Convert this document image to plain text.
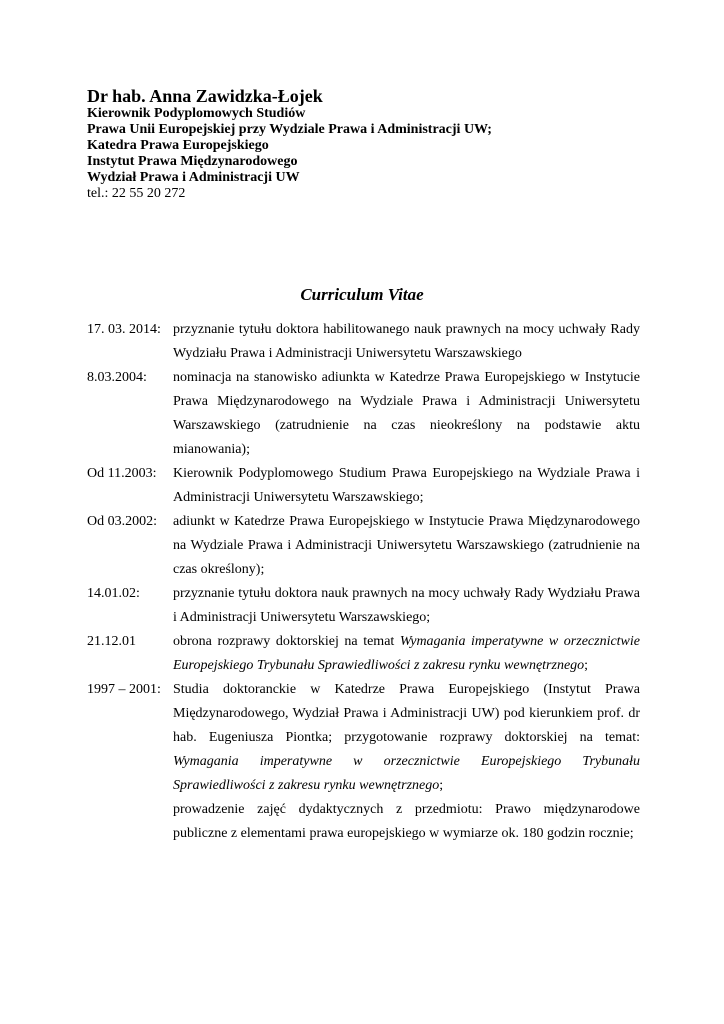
Dr hab. Anna Zawidzka-Łojek
Kierownik Podyplomowych Studiów
Prawa Unii Europejskiej przy Wydziale Prawa i Administracji UW;
Katedra Prawa Europejskiego
Instytut Prawa Międzynarodowego
Wydział Prawa i Administracji UW
tel.: 22 55 20 272
Curriculum Vitae
17. 03. 2014: przyznanie tytułu doktora habilitowanego nauk prawnych na mocy uchwały Rady Wydziału Prawa i Administracji Uniwersytetu Warszawskiego
8.03.2004:	nominacja na stanowisko adiunkta w Katedrze Prawa Europejskiego w Instytucie Prawa Międzynarodowego na Wydziale Prawa i Administracji Uniwersytetu Warszawskiego (zatrudnienie na czas nieokreślony na podstawie aktu mianowania);
Od 11.2003:	Kierownik Podyplomowego Studium Prawa Europejskiego na Wydziale Prawa i Administracji Uniwersytetu Warszawskiego;
Od 03.2002:	adiunkt w Katedrze Prawa Europejskiego w Instytucie Prawa Międzynarodowego na Wydziale Prawa i Administracji Uniwersytetu Warszawskiego (zatrudnienie na czas określony);
14.01.02:	przyznanie tytułu doktora nauk prawnych na mocy uchwały Rady Wydziału Prawa i Administracji Uniwersytetu Warszawskiego;
21.12.01	obrona rozprawy doktorskiej na temat Wymagania imperatywne w orzecznictwie Europejskiego Trybunału Sprawiedliwości z zakresu rynku wewnętrznego;
1997 – 2001: Studia doktoranckie w Katedrze Prawa Europejskiego (Instytut Prawa Międzynarodowego, Wydział Prawa i Administracji UW) pod kierunkiem prof. dr hab. Eugeniusza Piontka; przygotowanie rozprawy doktorskiej na temat: Wymagania imperatywne w orzecznictwie Europejskiego Trybunału Sprawiedliwości z zakresu rynku wewnętrznego;
prowadzenie zajęć dydaktycznych z przedmiotu: Prawo międzynarodowe publiczne z elementami prawa europejskiego w wymiarze ok. 180 godzin rocznie;
